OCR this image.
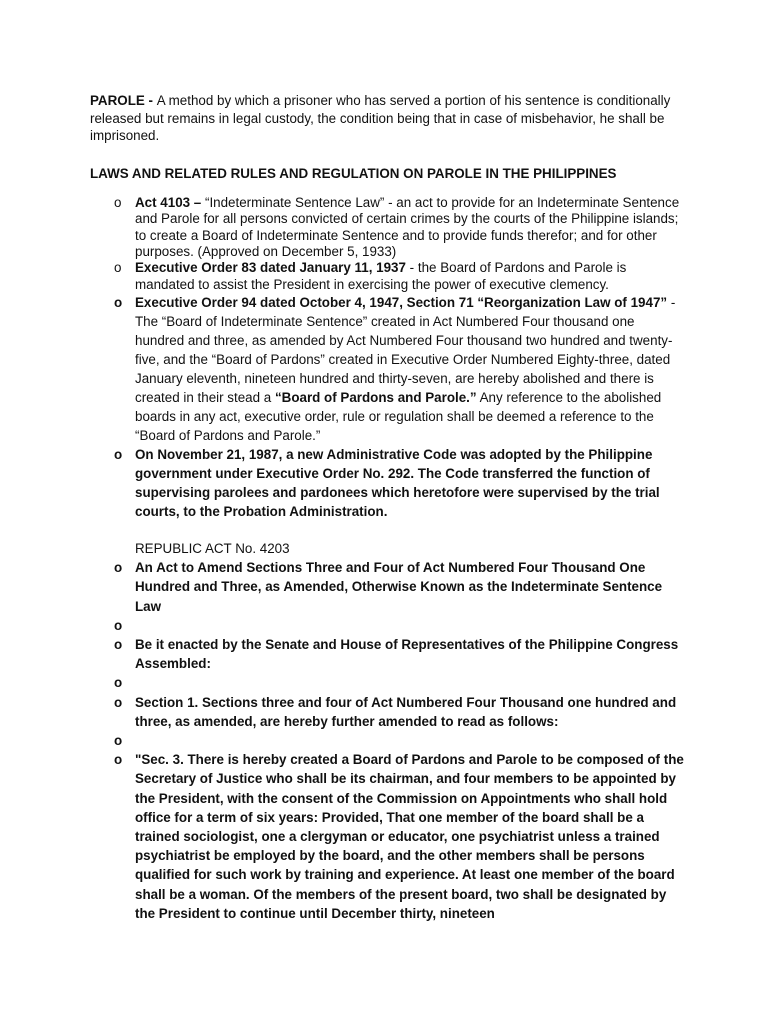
PAROLE - A method by which a prisoner who has served a portion of his sentence is conditionally released but remains in legal custody, the condition being that in case of misbehavior, he shall be imprisoned.

LAWS AND RELATED RULES AND REGULATION ON PAROLE IN THE PHILIPPINES
o Act 4103 – “Indeterminate Sentence Law” - an act to provide for an Indeterminate Sentence and Parole for all persons convicted of certain crimes by the courts of the Philippine islands; to create a Board of Indeterminate Sentence and to provide funds therefor; and for other purposes. (Approved on December 5, 1933)
o Executive Order 83 dated January 11, 1937 - the Board of Pardons and Parole is mandated to assist the President in exercising the power of executive clemency.
o Executive Order 94 dated October 4, 1947, Section 71 “Reorganization Law of 1947” - The “Board of Indeterminate Sentence” created in Act Numbered Four thousand one hundred and three, as amended by Act Numbered Four thousand two hundred and twenty-five, and the “Board of Pardons” created in Executive Order Numbered Eighty-three, dated January eleventh, nineteen hundred and thirty-seven, are hereby abolished and there is created in their stead a “Board of Pardons and Parole.” Any reference to the abolished boards in any act, executive order, rule or regulation shall be deemed a reference to the “Board of Pardons and Parole.”
o On November 21, 1987, a new Administrative Code was adopted by the Philippine government under Executive Order No. 292. The Code transferred the function of supervising parolees and pardonees which heretofore were supervised by the trial courts, to the Probation Administration.
REPUBLIC ACT No. 4203
o An Act to Amend Sections Three and Four of Act Numbered Four Thousand One Hundred and Three, as Amended, Otherwise Known as the Indeterminate Sentence Law
o

o Be it enacted by the Senate and House of Representatives of the Philippine Congress Assembled:
o

o Section 1. Sections three and four of Act Numbered Four Thousand one hundred and three, as amended, are hereby further amended to read as follows:
o

o "Sec. 3. There is hereby created a Board of Pardons and Parole to be composed of the Secretary of Justice who shall be its chairman, and four members to be appointed by the President, with the consent of the Commission on Appointments who shall hold office for a term of six years: Provided, That one member of the board shall be a trained sociologist, one a clergyman or educator, one psychiatrist unless a trained psychiatrist be employed by the board, and the other members shall be persons qualified for such work by training and experience. At least one member of the board shall be a woman. Of the members of the present board, two shall be designated by the President to continue until December thirty, nineteen
